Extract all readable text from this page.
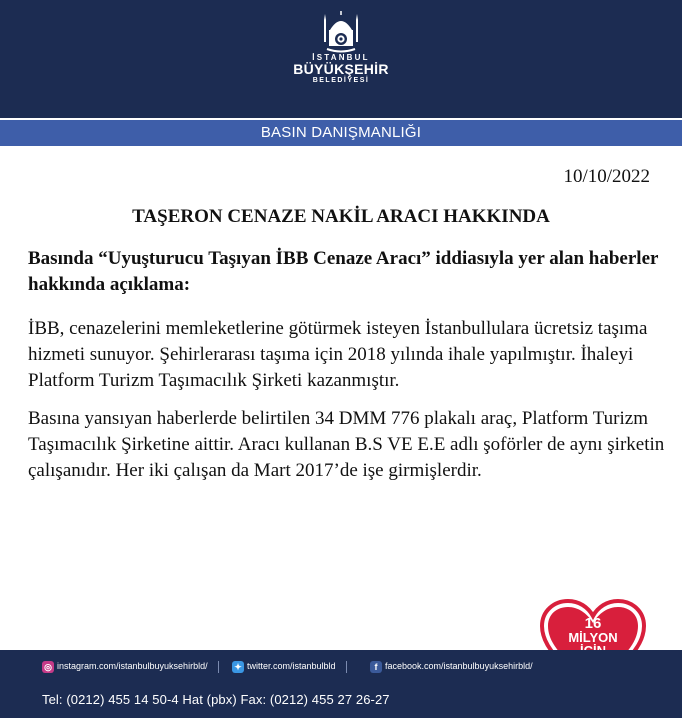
İSTANBUL
BÜYÜKŞEHİR
BELEDİYESİ
BASIN DANIŞMANLIĞI
10/10/2022
TAŞERON CENAZE NAKİL ARACI HAKKINDA
Basında “Uyuşturucu Taşıyan İBB Cenaze Aracı” iddiasıyla yer alan haberler hakkında açıklama:
İBB, cenazelerini memleketlerine götürmek isteyen İstanbullulara ücretsiz taşıma hizmeti sunuyor. Şehirlerarası taşıma için 2018 yılında ihale yapılmıştır. İhaleyi Platform Turizm Taşımacılık Şirketi kazanmıştır.
Basına yansıyan haberlerde belirtilen 34 DMM 776 plakalı araç, Platform Turizm Taşımacılık Şirketine aittir. Aracı kullanan B.S VE E.E adlı şoförler de aynı şirketin çalışanıdır. Her iki çalışan da Mart 2017’de işe girmişlerdir.
16
MİLYON
◎ instagram.com/istanbulbuyuksehirbld/	✦ twitter.com/istanbulbld	f facebook.com/istanbulbuyuksehirbld/
Tel: (0212) 455 14 50-4 Hat (pbx) Fax: (0212) 455 27 26-27
